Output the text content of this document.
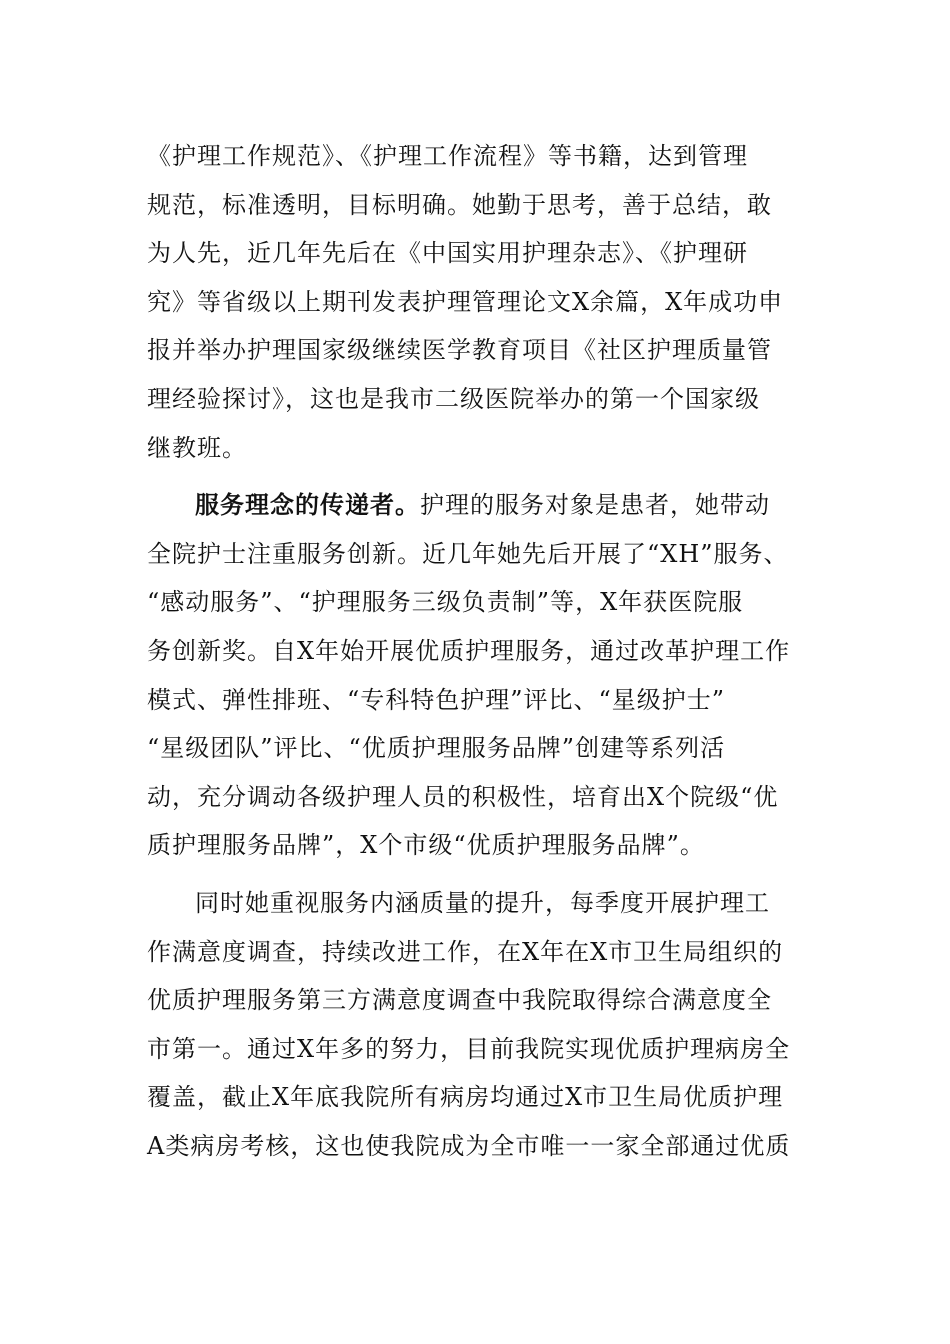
《护理工作规范》、《护理工作流程》等书籍，达到管理
规范，标准透明，目标明确。她勤于思考，善于总结，敢
为人先，近几年先后在《中国实用护理杂志》、《护理研
究》等省级以上期刊发表护理管理论文X余篇，X年成功申
报并举办护理国家级继续医学教育项目《社区护理质量管
理经验探讨》，这也是我市二级医院举办的第一个国家级
继教班。
服务理念的传递者。护理的服务对象是患者，她带动
全院护士注重服务创新。近几年她先后开展了“XH”服务、
“感动服务”、“护理服务三级负责制”等，X年获医院服
务创新奖。自X年始开展优质护理服务，通过改革护理工作
模式、弹性排班、“专科特色护理”评比、“星级护士”
“星级团队”评比、“优质护理服务品牌”创建等系列活
动，充分调动各级护理人员的积极性，培育出X个院级“优
质护理服务品牌”，X个市级“优质护理服务品牌”。
同时她重视服务内涵质量的提升，每季度开展护理工
作满意度调查，持续改进工作，在X年在X市卫生局组织的
优质护理服务第三方满意度调查中我院取得综合满意度全
市第一。通过X年多的努力，目前我院实现优质护理病房全
覆盖，截止X年底我院所有病房均通过X市卫生局优质护理
A类病房考核，这也使我院成为全市唯一一家全部通过优质
